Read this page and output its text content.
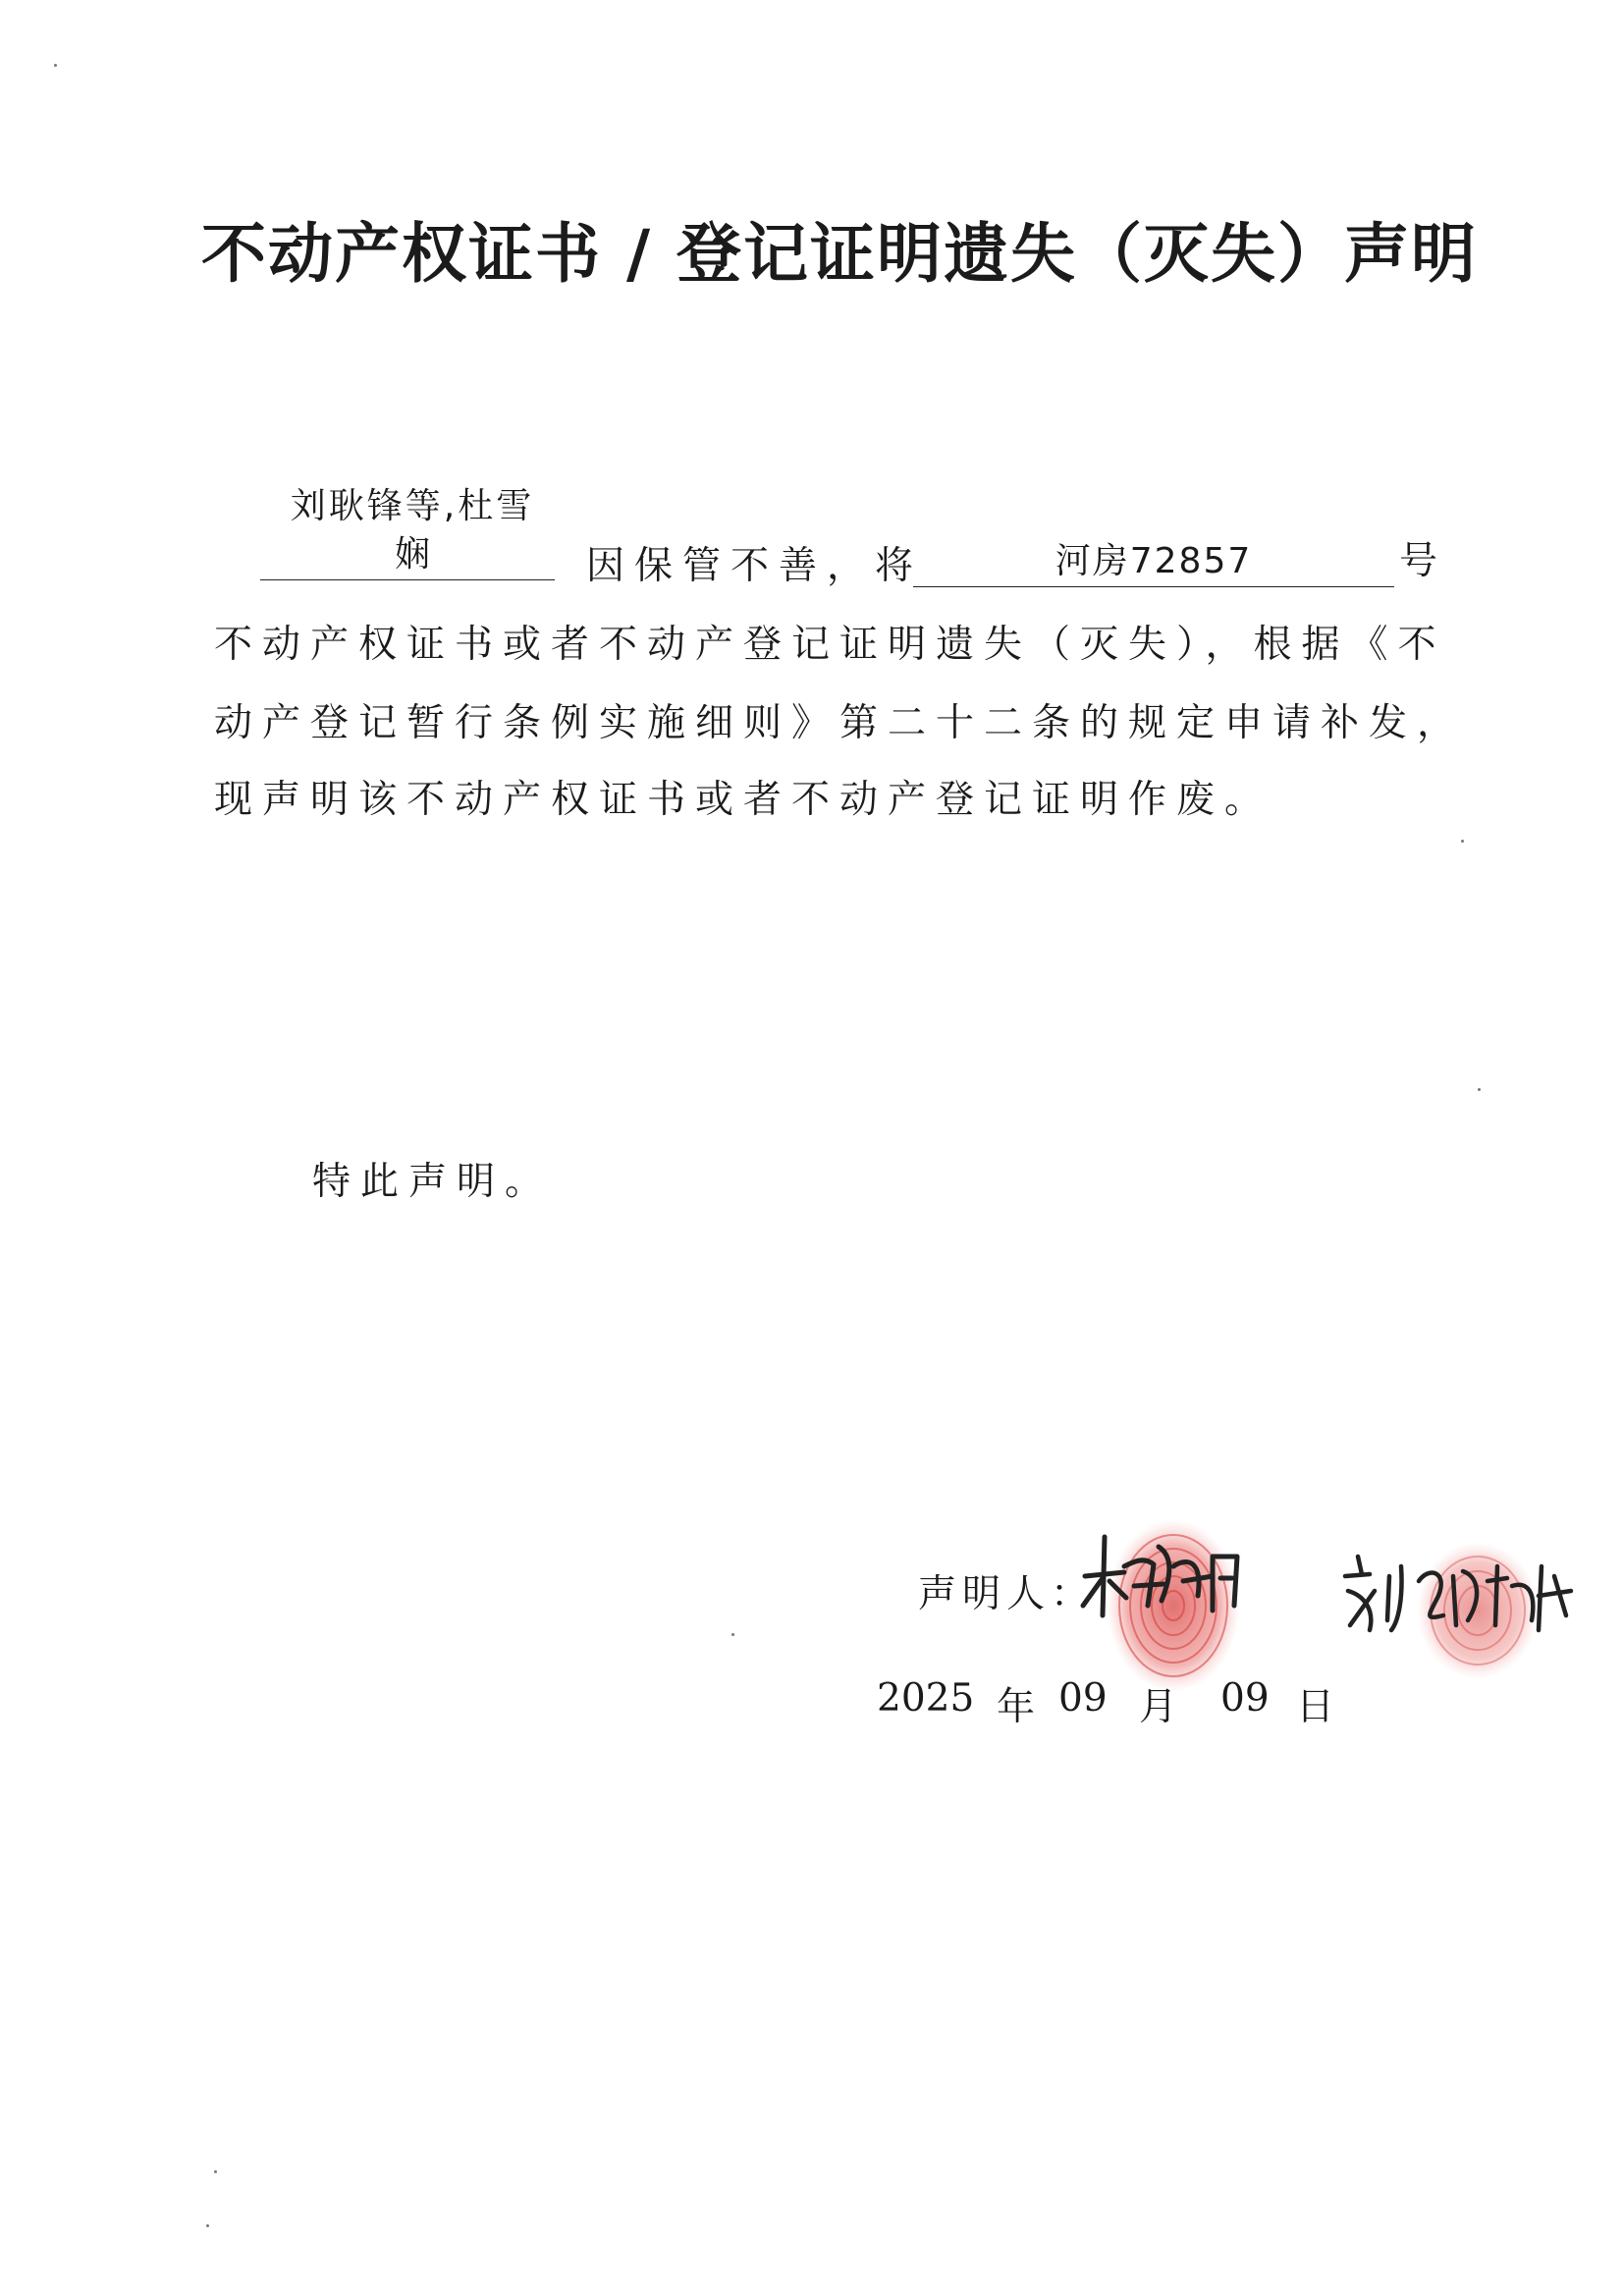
不动产权证书 / 登记证明遗失（灭失）声明
刘耿锋等,杜雪
娴	因保管不善，将	河房72857	号
不动产权证书或者不动产登记证明遗失（灭失），根据《不
动产登记暂行条例实施细则》第二十二条的规定申请补发，
现声明该不动产权证书或者不动产登记证明作废。
特此声明。
声明人：
2025 年 09 月 09 日
